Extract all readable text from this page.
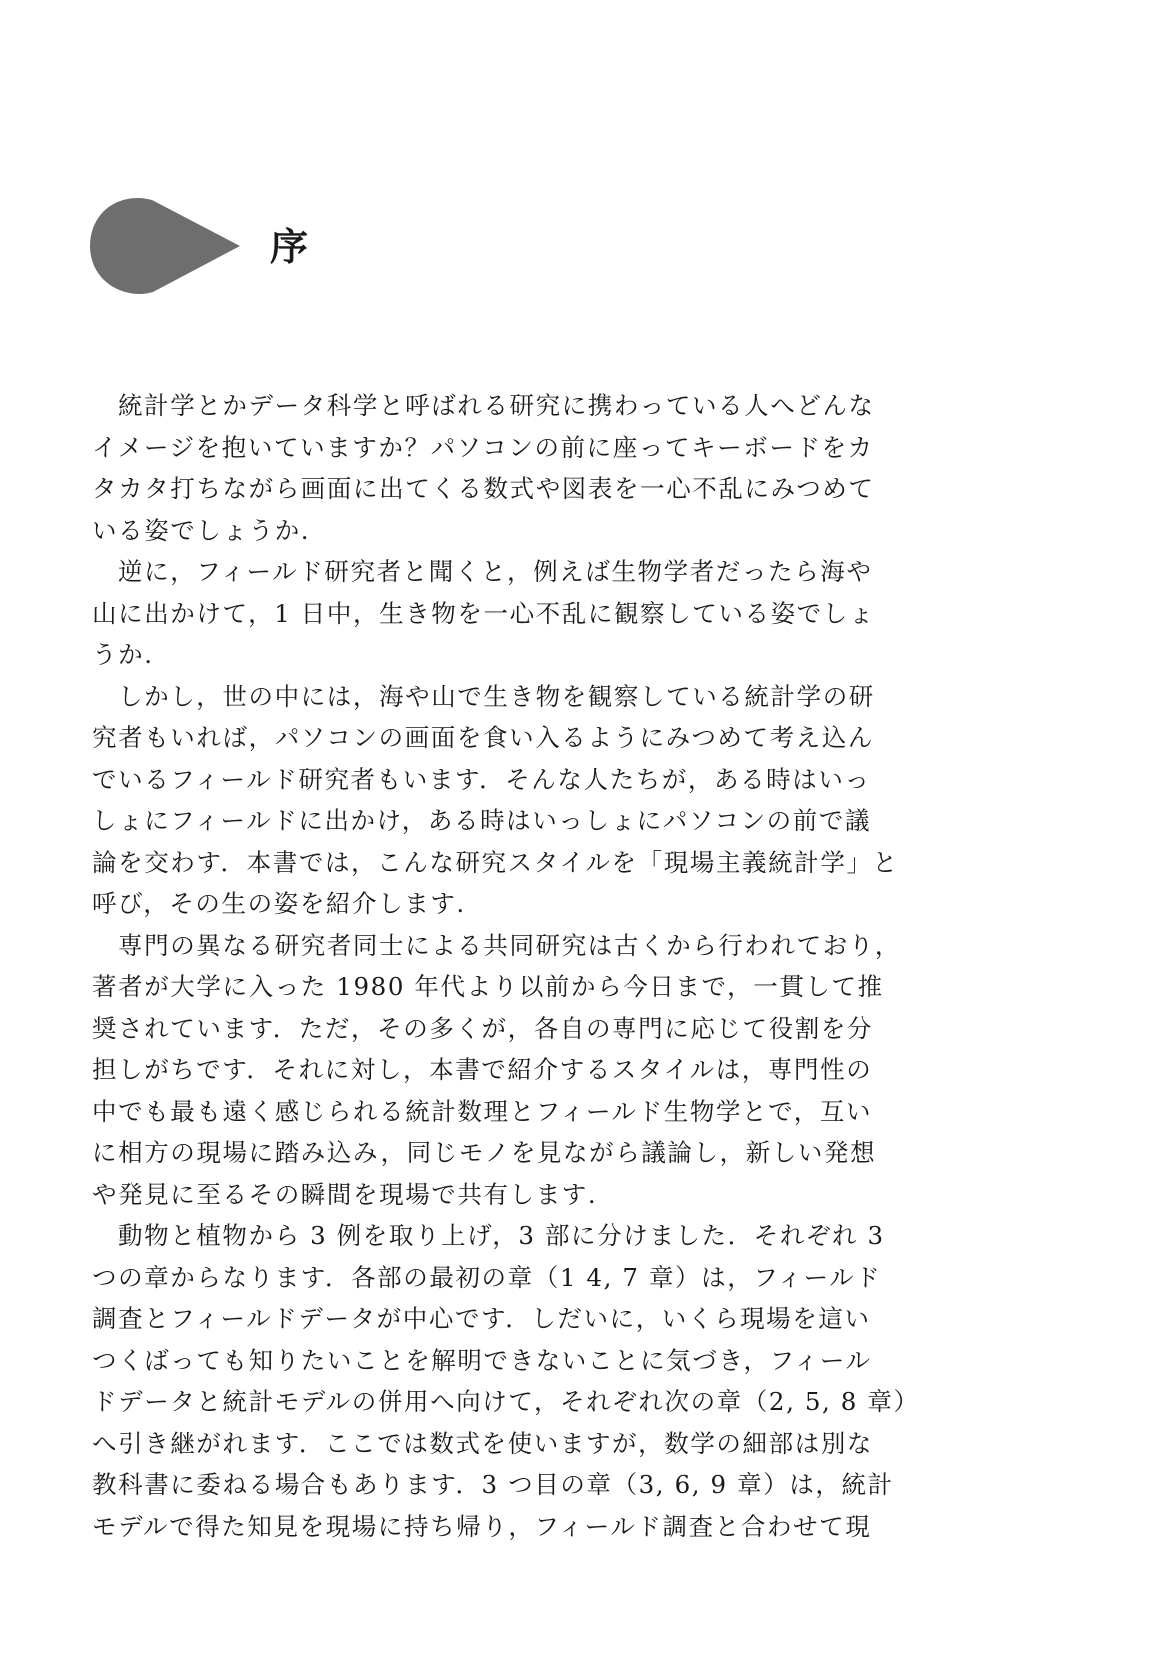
序
統計学とかデータ科学と呼ばれる研究に携わっている人へどんな
イメージを抱いていますか？パソコンの前に座ってキーボードをカ
タカタ打ちながら画面に出てくる数式や図表を一心不乱にみつめて
いる姿でしょうか.
逆に，フィールド研究者と聞くと，例えば生物学者だったら海や
山に出かけて，1 日中，生き物を一心不乱に観察している姿でしょ
うか.
しかし，世の中には，海や山で生き物を観察している統計学の研
究者もいれば，パソコンの画面を食い入るようにみつめて考え込ん
でいるフィールド研究者もいます．そんな人たちが，ある時はいっ
しょにフィールドに出かけ，ある時はいっしょにパソコンの前で議
論を交わす．本書では，こんな研究スタイルを「現場主義統計学」と
呼び，その生の姿を紹介します.
専門の異なる研究者同士による共同研究は古くから行われており，
著者が大学に入った 1980 年代より以前から今日まで，一貫して推
奨されています．ただ，その多くが，各自の専門に応じて役割を分
担しがちです．それに対し，本書で紹介するスタイルは，専門性の
中でも最も遠く感じられる統計数理とフィールド生物学とで，互い
に相方の現場に踏み込み，同じモノを見ながら議論し，新しい発想
や発見に至るその瞬間を現場で共有します.
動物と植物から 3 例を取り上げ，3 部に分けました．それぞれ 3
つの章からなります．各部の最初の章（1 4, 7 章）は，フィールド
調査とフィールドデータが中心です．しだいに，いくら現場を這い
つくばっても知りたいことを解明できないことに気づき，フィール
ドデータと統計モデルの併用へ向けて，それぞれ次の章（2, 5, 8 章）
へ引き継がれます．ここでは数式を使いますが，数学の細部は別な
教科書に委ねる場合もあります．3 つ目の章（3, 6, 9 章）は，統計
モデルで得た知見を現場に持ち帰り，フィールド調査と合わせて現
